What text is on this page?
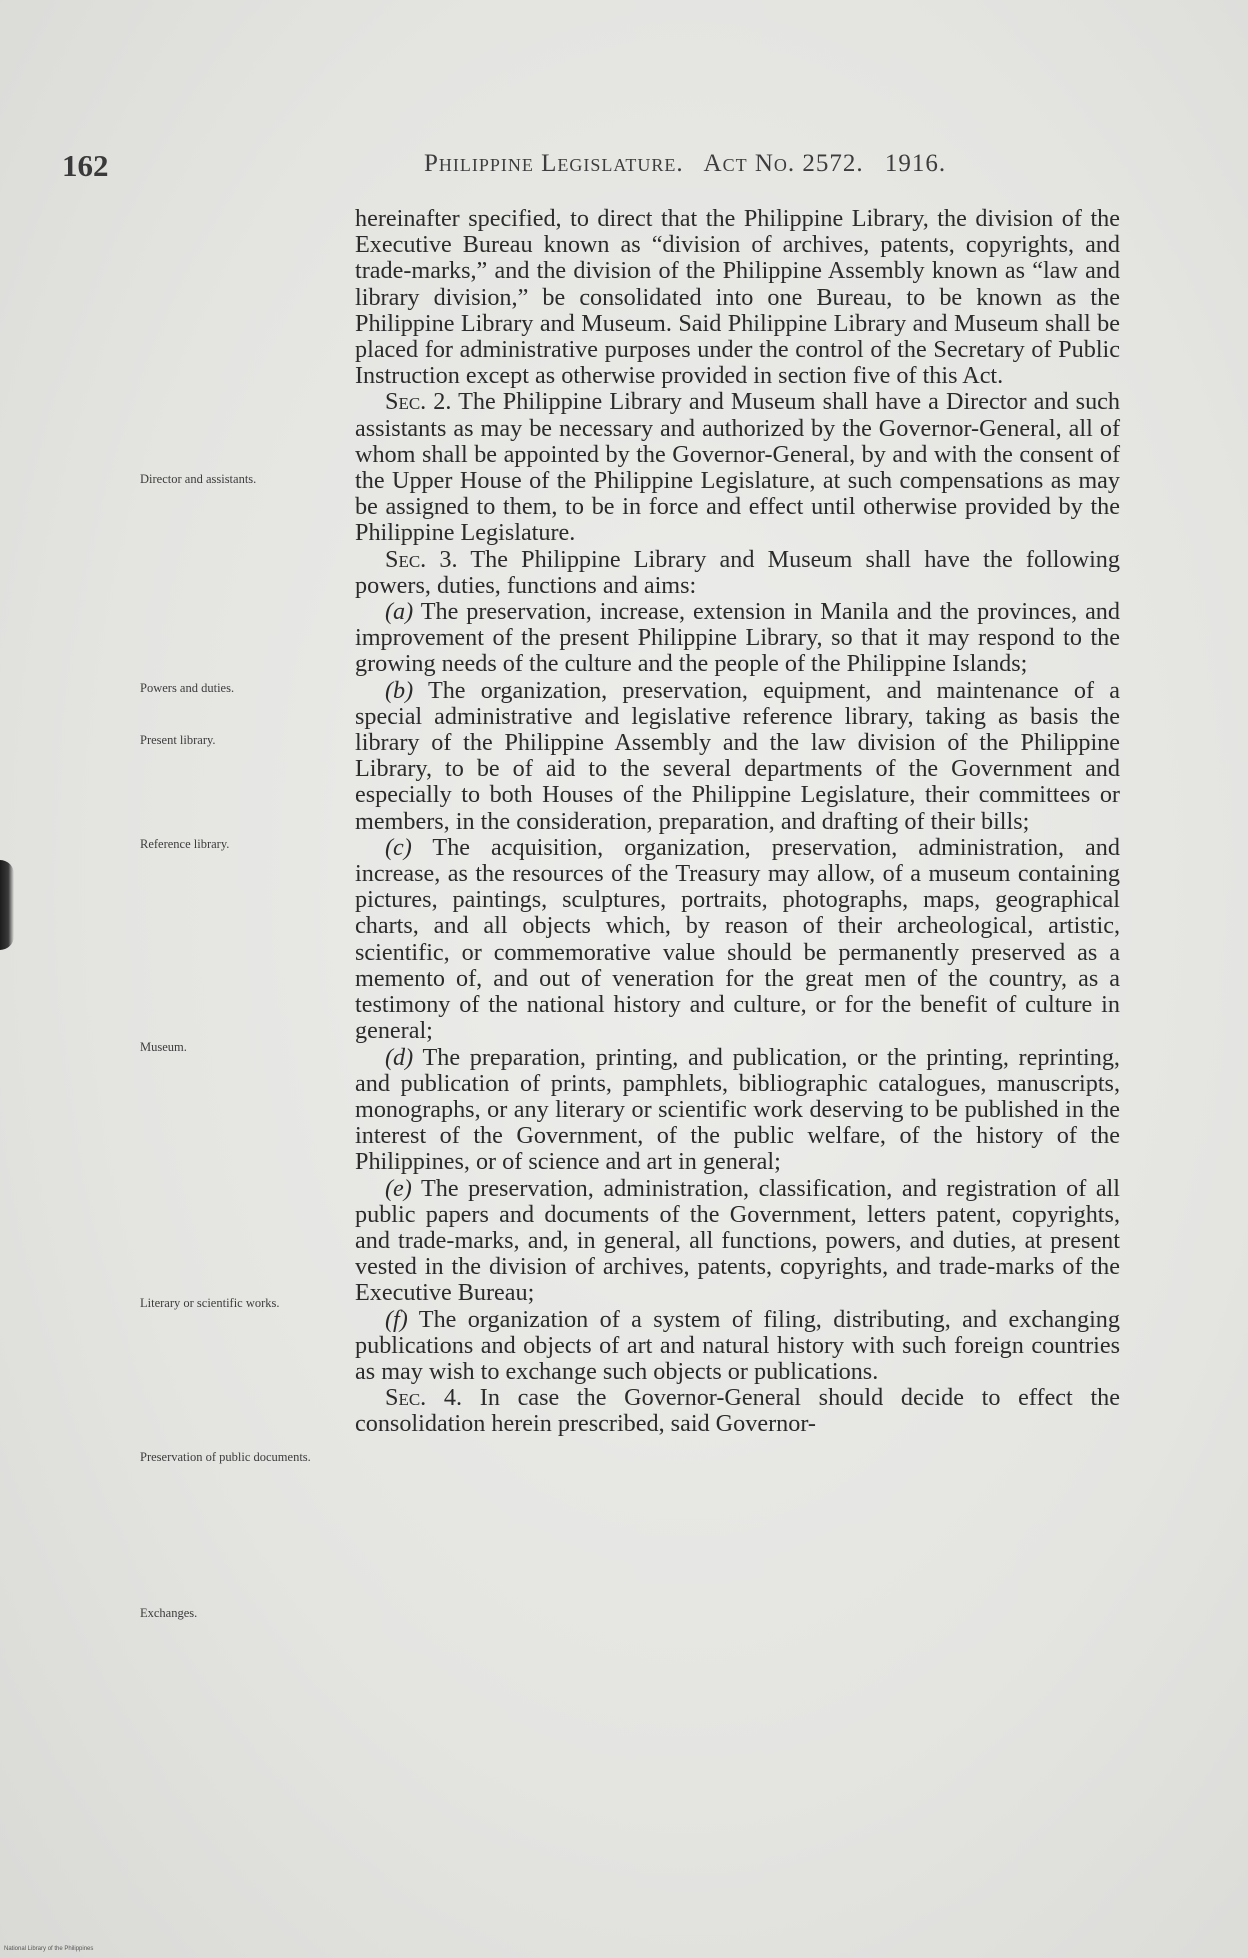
162	Philippine Legislature. Act No. 2572. 1916.
Director and assistants.
Powers and duties.
Present library.
Reference library.
Museum.
Literary or scientific works.
Preservation of public documents.
Exchanges.

hereinafter specified, to direct that the Philippine Library, the division of the Executive Bureau known as “division of archives, patents, copyrights, and trade-marks,” and the division of the Philippine Assembly known as “law and library division,” be consolidated into one Bureau, to be known as the Philippine Library and Museum. Said Philippine Library and Museum shall be placed for administrative purposes under the control of the Secretary of Public Instruction except as otherwise provided in section five of this Act.

Sec. 2. The Philippine Library and Museum shall have a Director and such assistants as may be necessary and authorized by the Governor-General, all of whom shall be appointed by the Governor-General, by and with the consent of the Upper House of the Philippine Legislature, at such compensations as may be assigned to them, to be in force and effect until otherwise provided by the Philippine Legislature.

Sec. 3. The Philippine Library and Museum shall have the following powers, duties, functions and aims:

(a) The preservation, increase, extension in Manila and the provinces, and improvement of the present Philippine Library, so that it may respond to the growing needs of the culture and the people of the Philippine Islands;

(b) The organization, preservation, equipment, and maintenance of a special administrative and legislative reference library, taking as basis the library of the Philippine Assembly and the law division of the Philippine Library, to be of aid to the several departments of the Government and especially to both Houses of the Philippine Legislature, their committees or members, in the consideration, preparation, and drafting of their bills;

(c) The acquisition, organization, preservation, administration, and increase, as the resources of the Treasury may allow, of a museum containing pictures, paintings, sculptures, portraits, photographs, maps, geographical charts, and all objects which, by reason of their archeological, artistic, scientific, or commemorative value should be permanently preserved as a memento of, and out of veneration for the great men of the country, as a testimony of the national history and culture, or for the benefit of culture in general;

(d) The preparation, printing, and publication, or the printing, reprinting, and publication of prints, pamphlets, bibliographic catalogues, manuscripts, monographs, or any literary or scientific work deserving to be published in the interest of the Government, of the public welfare, of the history of the Philippines, or of science and art in general;

(e) The preservation, administration, classification, and registration of all public papers and documents of the Government, letters patent, copyrights, and trade-marks, and, in general, all functions, powers, and duties, at present vested in the division of archives, patents, copyrights, and trade-marks of the Executive Bureau;

(f) The organization of a system of filing, distributing, and exchanging publications and objects of art and natural history with such foreign countries as may wish to exchange such objects or publications.

Sec. 4. In case the Governor-General should decide to effect the consolidation herein prescribed, said Governor-

National Library of the Philippines
